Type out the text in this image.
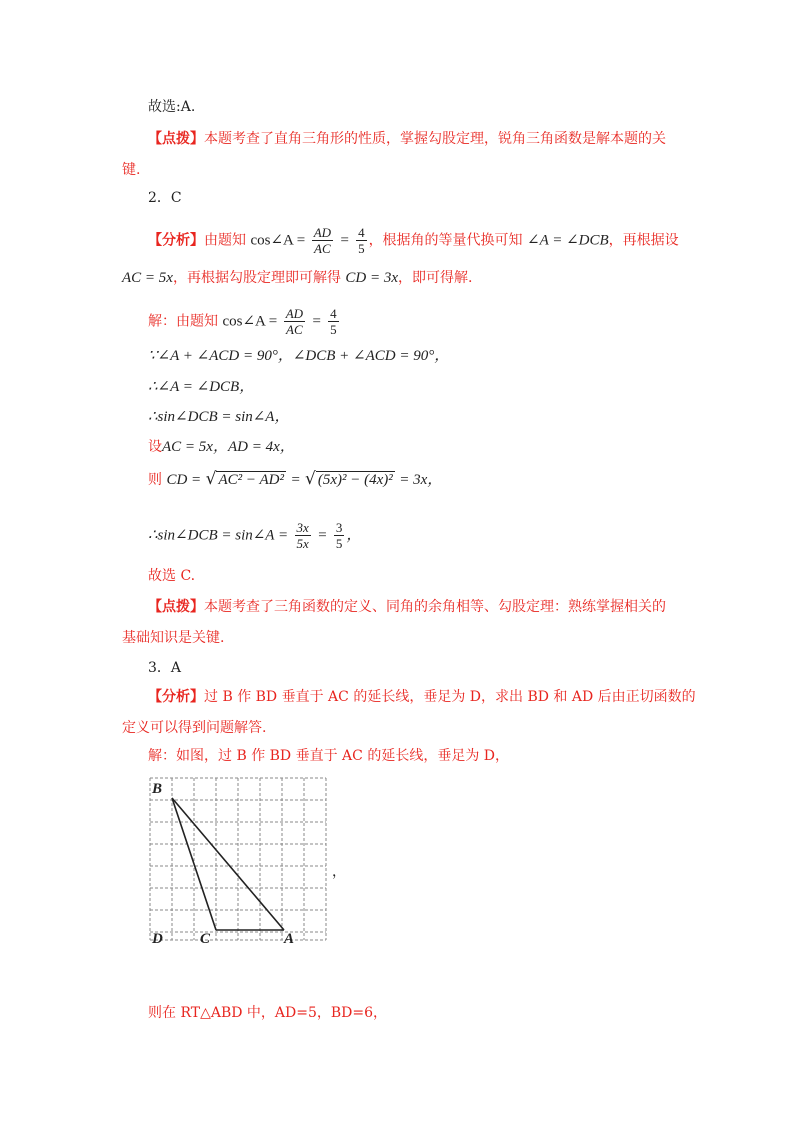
故选:A.
【点拨】本题考查了直角三角形的性质，掌握勾股定理，锐角三角函数是解本题的关
键.
2．C
【分析】由题知 cos∠A = $\frac{AD}{AC} = \frac{4}{5}$ ，根据角的等量代换可知 ∠A = ∠DCB，再根据设
AC = 5x，再根据勾股定理即可解得 CD = 3x，即可得解.
解：由题知 cos∠A = $\frac{AD}{AC} = \frac{4}{5}$
∵∠A + ∠ACD = 90°，∠DCB + ∠ACD = 90°，
∴∠A = ∠DCB，
∴sin∠DCB = sin∠A，
设AC = 5x，AD = 4x，
则 CD = √ AC² − AD² = √ (5x)² − (4x)² = 3x，
∴sin∠DCB = sin∠A = $\frac{3x}{5x} = \frac{3}{5}$ ，
故选 C.
【点拨】本题考查了三角函数的定义、同角的余角相等、勾股定理：熟练掌握相关的
基础知识是关键.
3．A
【分析】过 B 作 BD 垂直于 AC 的延长线，垂足为 D，求出 BD 和 AD 后由正切函数的
定义可以得到问题解答.
解：如图，过 B 作 BD 垂直于 AC 的延长线，垂足为 D，
B
D C	A
，
则在 RT△ABD 中，AD=5，BD=6，
